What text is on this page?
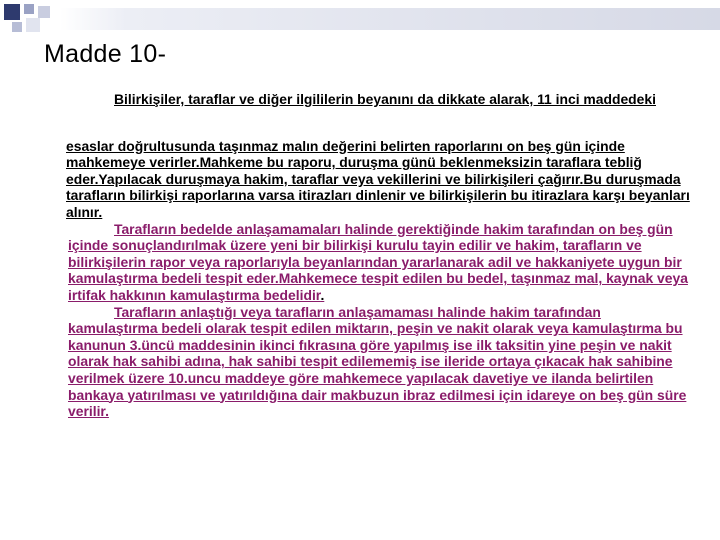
Madde 10-

Bilirkişiler, taraflar ve diğer ilgililerin beyanını da dikkate alarak, 11 inci maddedeki

esaslar doğrultusunda taşınmaz malın değerini belirten raporlarını on beş gün içinde mahkemeye verirler.Mahkeme bu raporu, duruşma günü beklenmeksizin taraflara tebliğ eder.Yapılacak duruşmaya hakim, taraflar veya vekillerini ve bilirkişileri çağırır.Bu duruşmada tarafların bilirkişi raporlarına varsa itirazları dinlenir ve bilirkişilerin bu itirazlara karşı beyanları alınır.

Tarafların bedelde anlaşamamaları halinde gerektiğinde hakim tarafından on beş gün içinde sonuçlandırılmak üzere yeni bir bilirkişi kurulu tayin edilir ve hakim, tarafların ve bilirkişilerin rapor veya raporlarıyla beyanlarından yararlanarak adil ve hakkaniyete uygun bir kamulaştırma bedeli tespit eder.Mahkemece tespit edilen bu bedel, taşınmaz mal, kaynak veya irtifak hakkının kamulaştırma bedelidir.

Tarafların anlaştığı veya tarafların anlaşamaması halinde hakim tarafından kamulaştırma bedeli olarak tespit edilen miktarın, peşin ve nakit olarak veya kamulaştırma bu kanunun 3.üncü maddesinin ikinci fıkrasına göre yapılmış ise ilk taksitin yine peşin ve nakit olarak hak sahibi adına, hak sahibi tespit edilememiş ise ileride ortaya çıkacak hak sahibine verilmek üzere 10.uncu maddeye göre mahkemece yapılacak davetiye ve ilanda belirtilen bankaya yatırılması ve yatırıldığına dair makbuzun ibraz edilmesi için idareye on beş gün süre verilir.
